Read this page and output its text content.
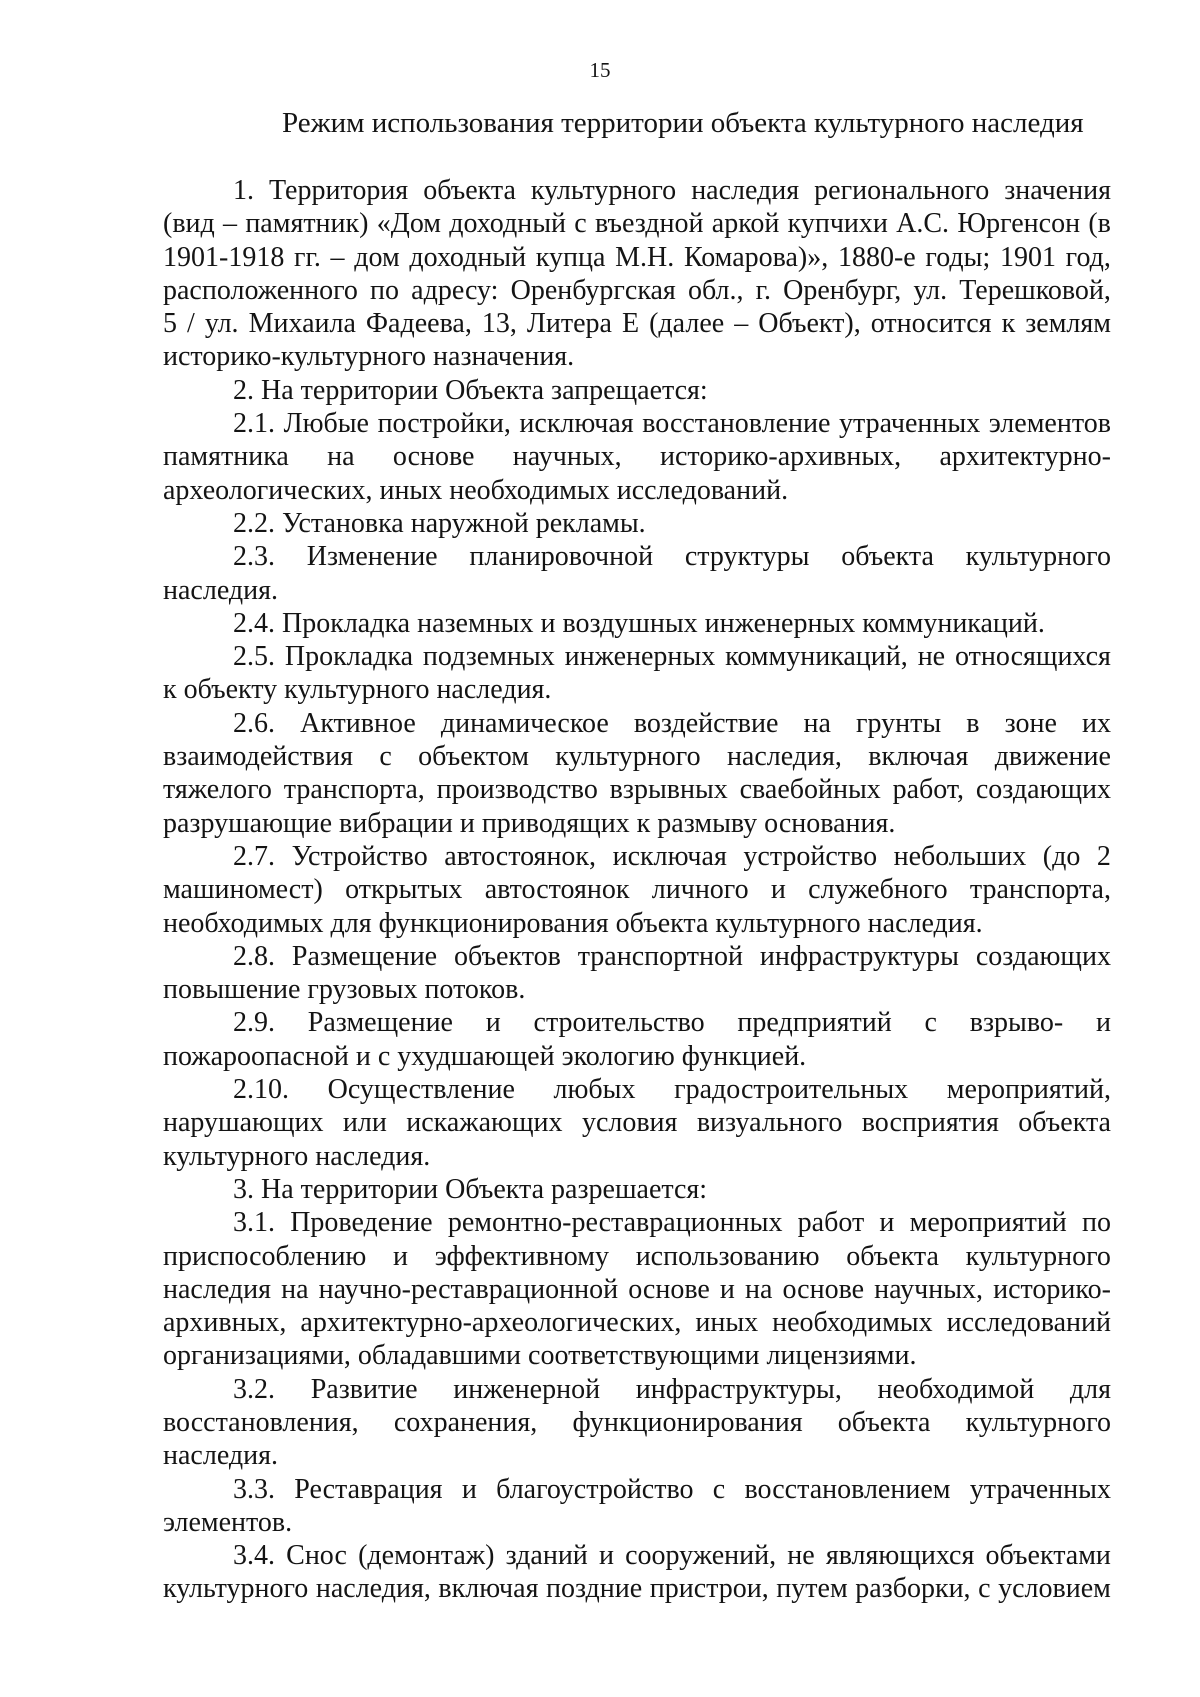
15
Режим использования территории объекта культурного наследия
1. Территория объекта культурного наследия регионального значения
(вид – памятник) «Дом доходный с въездной аркой купчихи А.С. Юргенсон (в
1901-1918 гг. – дом доходный купца М.Н. Комарова)», 1880-е годы; 1901 год,
расположенного по адресу: Оренбургская обл., г. Оренбург, ул. Терешковой,
5 / ул. Михаила Фадеева, 13, Литера Е (далее – Объект), относится к землям
историко-культурного назначения.
2. На территории Объекта запрещается:
2.1. Любые постройки, исключая восстановление утраченных элементов
памятника на основе научных, историко-архивных, архитектурно-
археологических, иных необходимых исследований.
2.2. Установка наружной рекламы.
2.3. Изменение планировочной структуры объекта культурного
наследия.
2.4. Прокладка наземных и воздушных инженерных коммуникаций.
2.5. Прокладка подземных инженерных коммуникаций, не относящихся
к объекту культурного наследия.
2.6. Активное динамическое воздействие на грунты в зоне их
взаимодействия с объектом культурного наследия, включая движение
тяжелого транспорта, производство взрывных сваебойных работ, создающих
разрушающие вибрации и приводящих к размыву основания.
2.7. Устройство автостоянок, исключая устройство небольших (до 2
машиномест) открытых автостоянок личного и служебного транспорта,
необходимых для функционирования объекта культурного наследия.
2.8. Размещение объектов транспортной инфраструктуры создающих
повышение грузовых потоков.
2.9. Размещение и строительство предприятий с взрыво- и
пожароопасной и с ухудшающей экологию функцией.
2.10. Осуществление любых градостроительных мероприятий,
нарушающих или искажающих условия визуального восприятия объекта
культурного наследия.
3. На территории Объекта разрешается:
3.1. Проведение ремонтно-реставрационных работ и мероприятий по
приспособлению и эффективному использованию объекта культурного
наследия на научно-реставрационной основе и на основе научных, историко-
архивных, архитектурно-археологических, иных необходимых исследований
организациями, обладавшими соответствующими лицензиями.
3.2. Развитие инженерной инфраструктуры, необходимой для
восстановления, сохранения, функционирования объекта культурного
наследия.
3.3. Реставрация и благоустройство с восстановлением утраченных
элементов.
3.4. Снос (демонтаж) зданий и сооружений, не являющихся объектами
культурного наследия, включая поздние пристрои, путем разборки, с условием
